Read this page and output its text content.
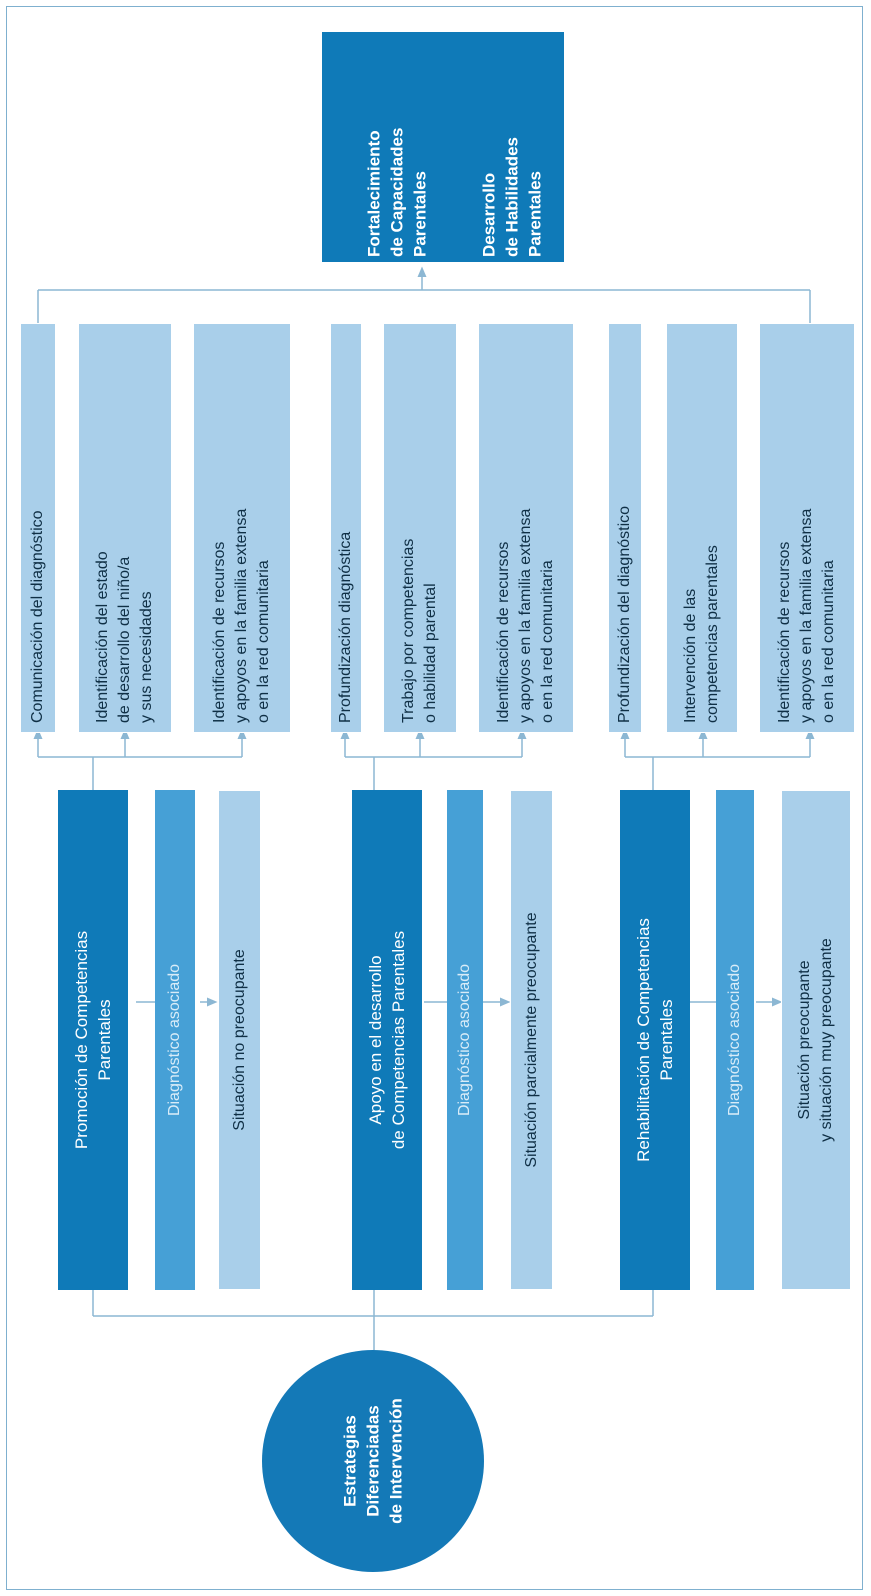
Fortalecimiento
de Capacidades
Parentales	Desarrollo
de Habilidades
Parentales

Estrategias
Diferenciadas
de Intervención
Promoción de Competencias
Parentales	Diagnóstico asociado	Situación no preocupante
Comunicación del diagnóstico	Identificación del estado
de desarrollo del niño/a
y sus necesidades	Identificación de recursos
y apoyos en la familia extensa
o en la red comunitaria
Apoyo en el desarrollo
de Competencias Parentales	Diagnóstico asociado	Situación parcialmente preocupante
Profundización diagnóstica	Trabajo por competencias
o habilidad parental
Identificación de recursos
y apoyos en la familia extensa
o en la red comunitaria
Rehabilitación de Competencias
Parentales	Diagnóstico asociado	Situación preocupante
y situación muy preocupante
Profundización del diagnóstico	Intervención de las
competencias parentales
Identificación de recursos
y apoyos en la familia extensa
o en la red comunitaria
